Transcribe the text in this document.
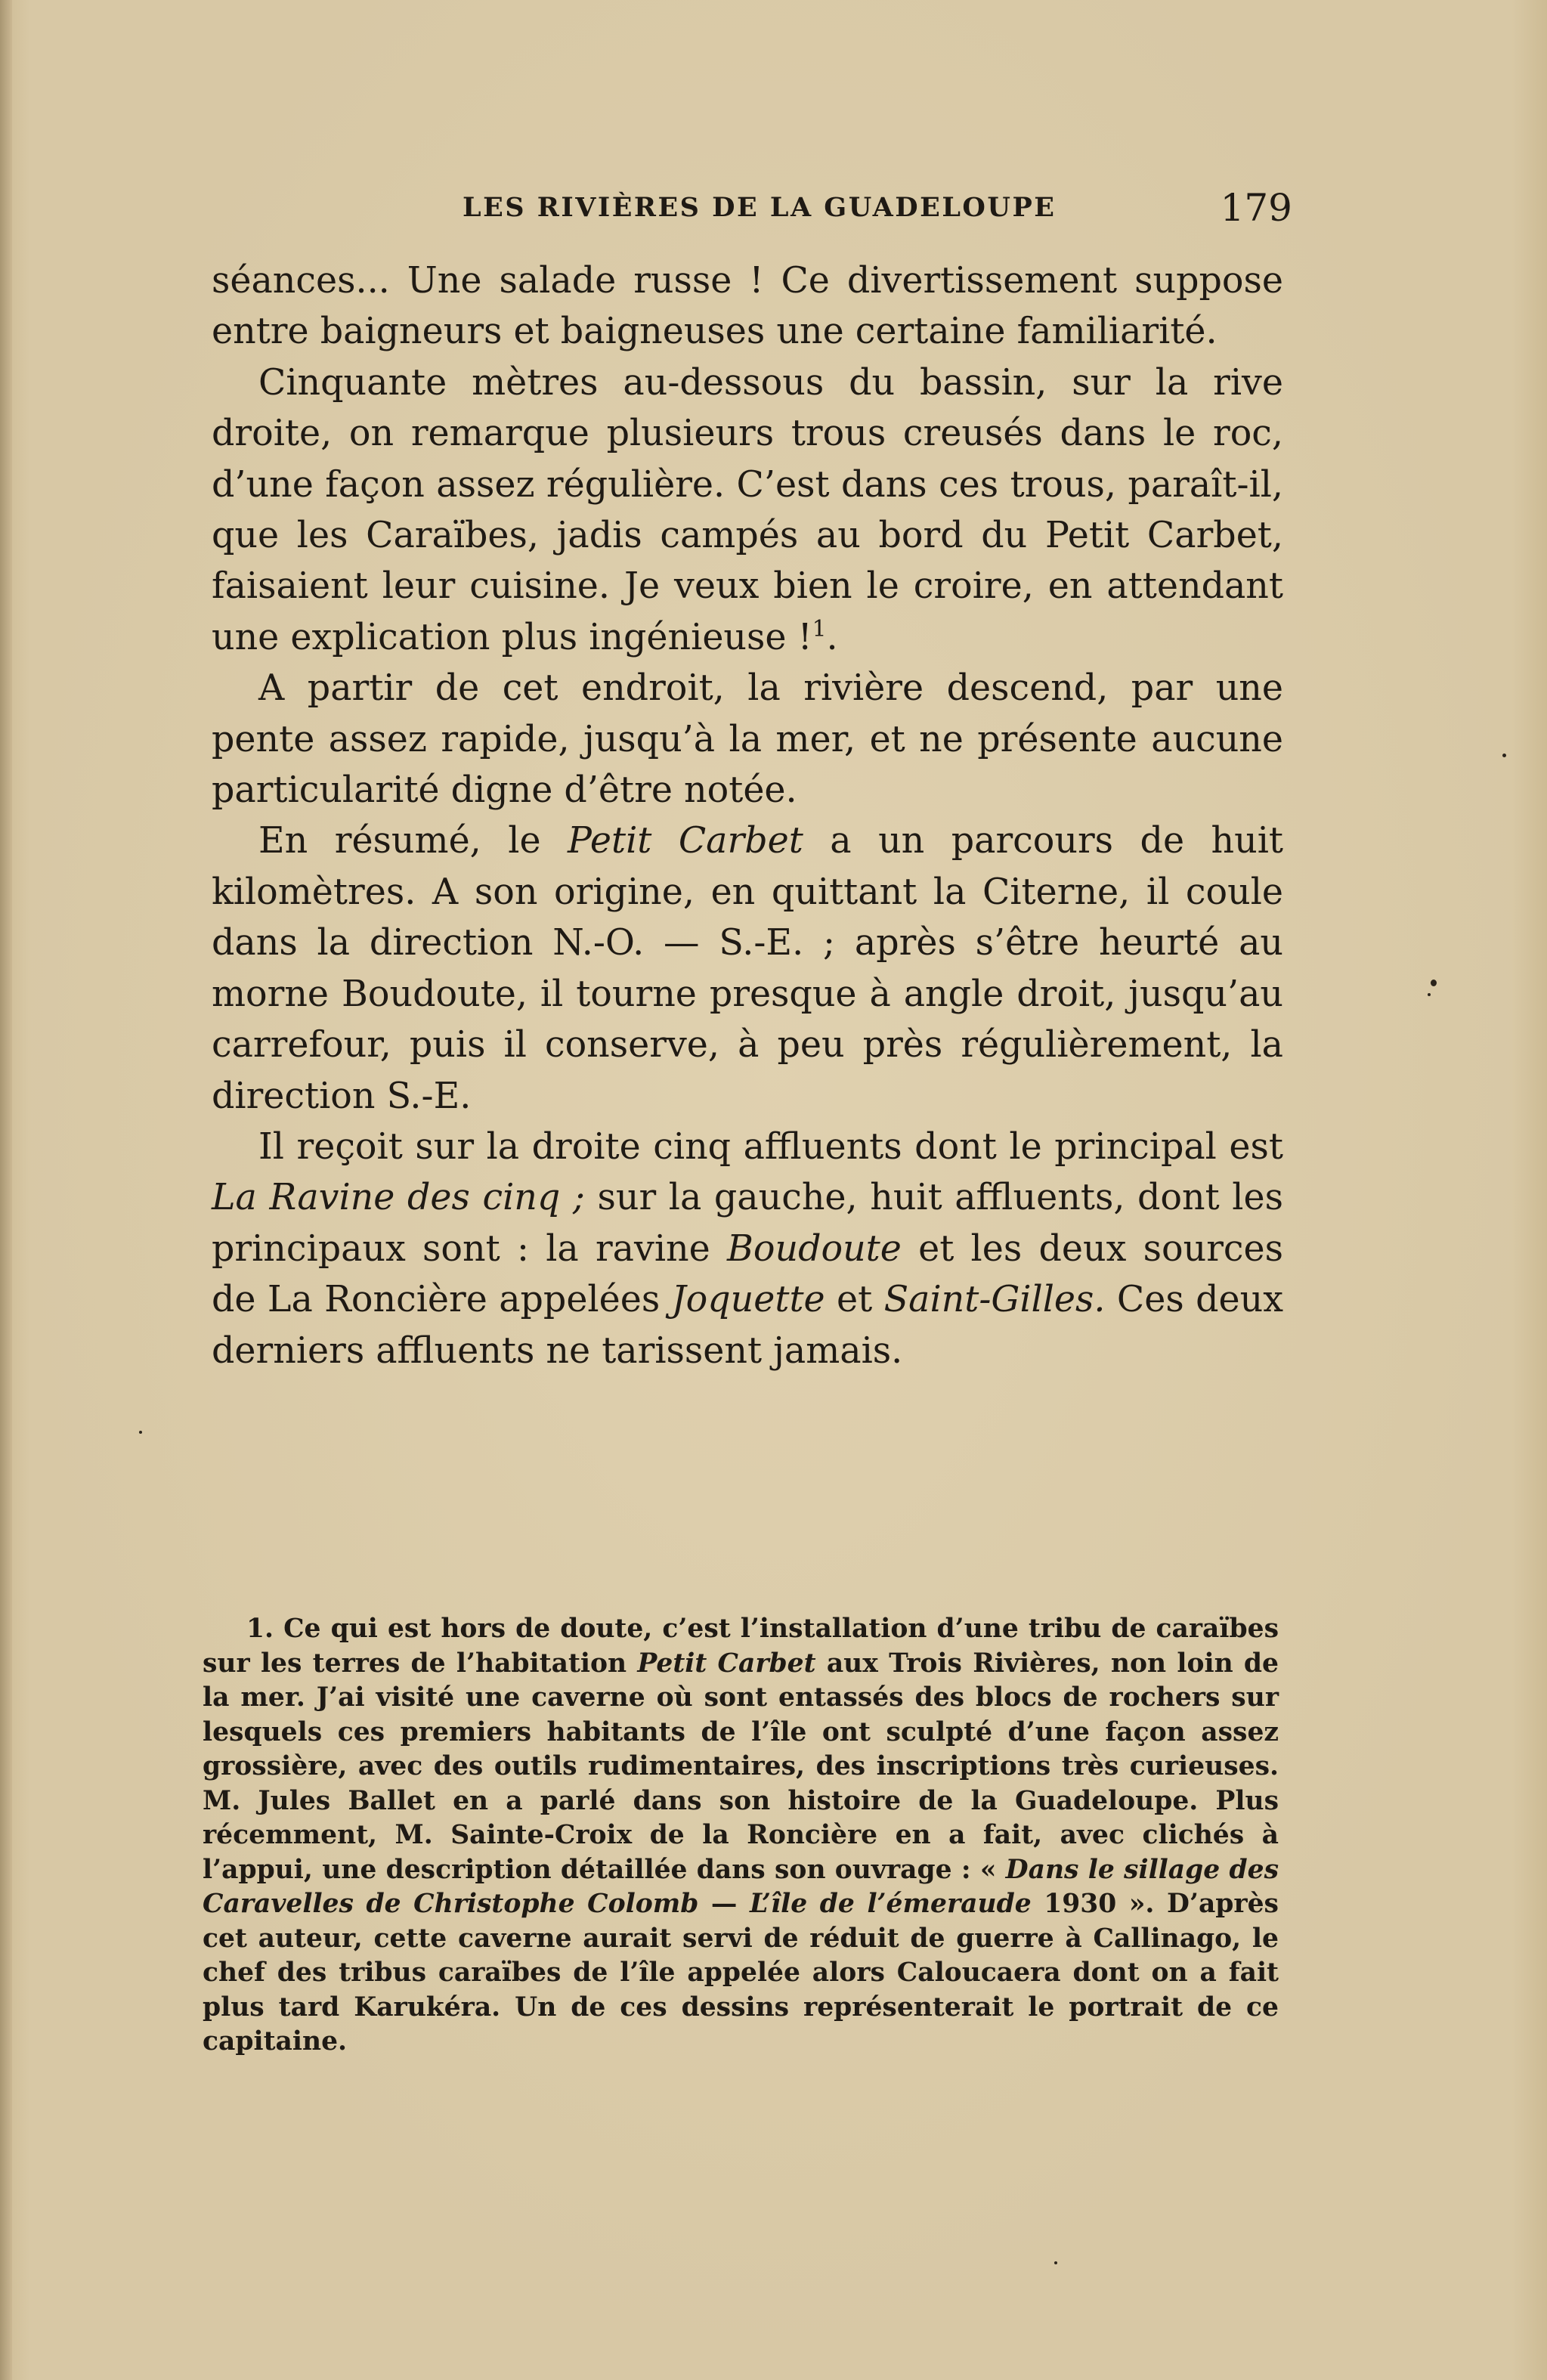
LES RIVIÈRES DE LA GUADELOUPE	179

séances... Une salade russe ! Ce divertissement suppose entre baigneurs et baigneuses une certaine familiarité.

Cinquante mètres au-dessous du bassin, sur la rive droite, on remarque plusieurs trous creusés dans le roc, d’une façon assez régulière. C’est dans ces trous, paraît-il, que les Caraïbes, jadis campés au bord du Petit Carbet, faisaient leur cuisine. Je veux bien le croire, en attendant une explication plus ingénieuse !$^1$.

A partir de cet endroit, la rivière descend, par une pente assez rapide, jusqu’à la mer, et ne présente aucune particularité digne d’être notée.

En résumé, le Petit Carbet a un parcours de huit kilomètres. A son origine, en quittant la Citerne, il coule dans la direction N.-O. — S.-E. ; après s’être heurté au morne Boudoute, il tourne presque à angle droit, jusqu’au carrefour, puis il conserve, à peu près régulièrement, la direction S.-E.

Il reçoit sur la droite cinq affluents dont le principal est La Ravine des cinq ; sur la gauche, huit affluents, dont les principaux sont : la ravine Boudoute et les deux sources de La Roncière appelées Joquette et Saint-Gilles. Ces deux derniers affluents ne tarissent jamais.

1. Ce qui est hors de doute, c’est l’installation d’une tribu de caraïbes sur les terres de l’habitation Petit Carbet aux Trois Rivières, non loin de la mer. J’ai visité une caverne où sont entassés des blocs de rochers sur lesquels ces premiers habitants de l’île ont sculpté d’une façon assez grossière, avec des outils rudimentaires, des inscriptions très curieuses. M. Jules Ballet en a parlé dans son histoire de la Guadeloupe. Plus récemment, M. Sainte-Croix de la Roncière en a fait, avec clichés à l’appui, une description détaillée dans son ouvrage : « Dans le sillage des Caravelles de Christophe Colomb — L’île de l’émeraude 1930 ». D’après cet auteur, cette caverne aurait servi de réduit de guerre à Callinago, le chef des tribus caraïbes de l’île appelée alors Caloucaera dont on a fait plus tard Karukéra. Un de ces dessins représenterait le portrait de ce capitaine.
